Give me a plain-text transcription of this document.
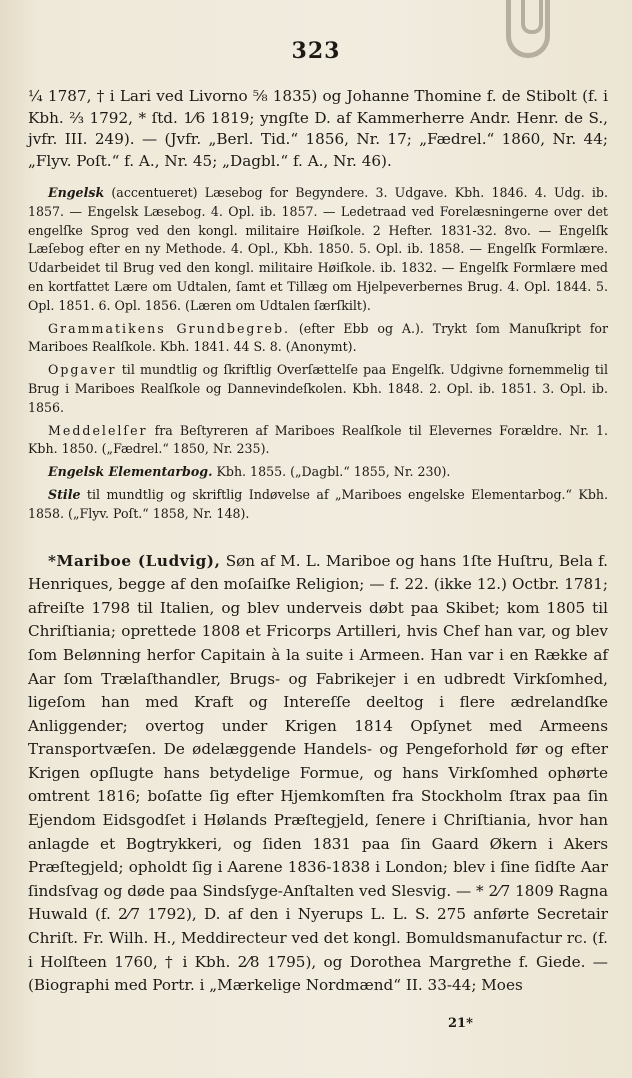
323

¼ 1787, † i Lari ved Livorno ⅝ 1835) og Johanne Thomine f. de Stibolt (f. i Kbh. ⅔ 1792, * ſtd. 1⁄6 1819; yngſte D. af Kammerherre Andr. Henr. de S., jvfr. III. 249). — (Jvfr. „Berl. Tid.“ 1856, Nr. 17; „Fædrel.“ 1860, Nr. 44; „Flyv. Poſt.“ f. A., Nr. 45; „Dagbl.“ f. A., Nr. 46).

Engelsk (accentueret) Læsebog for Begyndere. 3. Udgave. Kbh. 1846. 4. Udg. ib. 1857. — Engelsk Læsebog. 4. Opl. ib. 1857. — Ledetraad ved Forelæsningerne over det engelſke Sprog ved den kongl. militaire Høiſkole. 2 Hefter. 1831-32. 8vo. — Engelſk Læſebog efter en ny Methode. 4. Opl., Kbh. 1850. 5. Opl. ib. 1858. — Engelſk Formlære. Udarbeidet til Brug ved den kongl. militaire Høiſkole. ib. 1832. — Engelſk Formlære med en kortfattet Lære om Udtalen, ſamt et Tillæg om Hjelpeverbernes Brug. 4. Opl. 1844. 5. Opl. 1851. 6. Opl. 1856. (Læren om Udtalen ſærſkilt).

Grammatikens Grundbegreb. (efter Ebb og A.). Trykt ſom Manuſkript for Mariboes Realſkole. Kbh. 1841. 44 S. 8. (Anonymt).

Opgaver til mundtlig og ſkriftlig Overſættelſe paa Engelſk. Udgivne fornemmelig til Brug i Mariboes Realſkole og Dannevindeſkolen. Kbh. 1848. 2. Opl. ib. 1851. 3. Opl. ib. 1856.

Meddelelſer fra Beſtyreren af Mariboes Realſkole til Elevernes Forældre. Nr. 1. Kbh. 1850. („Fædrel.“ 1850, Nr. 235).

Engelsk Elementarbog. Kbh. 1855. („Dagbl.“ 1855, Nr. 230).

Stile til mundtlig og skriftlig Indøvelse af „Mariboes engelske Elementarbog.“ Kbh. 1858. („Flyv. Poſt.“ 1858, Nr. 148).

*Mariboe (Ludvig), Søn af M. L. Mariboe og hans 1ſte Huſtru, Bela f. Henriques, begge af den moſaiſke Religion; — f. 22. (ikke 12.) Octbr. 1781; afreiſte 1798 til Italien, og blev underveis døbt paa Skibet; kom 1805 til Chriſtiania; oprettede 1808 et Fricorps Artilleri, hvis Chef han var, og blev ſom Belønning herfor Capitain à la suite i Armeen. Han var i en Række af Aar ſom Trælaſthandler, Brugs- og Fabrikejer i en udbredt Virkſomhed, ligeſom han med Kraft og Intereſſe deeltog i flere ædrelandſke Anliggender; overtog under Krigen 1814 Opſynet med Armeens Transportvæſen. De ødelæggende Handels- og Pengeforhold før og efter Krigen opſlugte hans betydelige Formue, og hans Virkſomhed ophørte omtrent 1816; boſatte ſig efter Hjemkomſten fra Stockholm ſtrax paa ſin Ejendom Eidsgodſet i Hølands Præſtegjeld, ſenere i Chriſtiania, hvor han anlagde et Bogtrykkeri, og ſiden 1831 paa ſin Gaard Økern i Akers Præſtegjeld; opholdt ſig i Aarene 1836-1838 i London; blev i ſine ſidſte Aar ſindsſvag og døde paa Sindsſyge-Anſtalten ved Slesvig. — * 2⁄7 1809 Ragna Huwald (f. 2⁄7 1792), D. af den i Nyerups L. L. S. 275 anførte Secretair Chriſt. Fr. Wilh. H., Meddirecteur ved det kongl. Bomuldsmanufactur rc. (f. i Holſteen 1760, † i Kbh. 2⁄8 1795), og Dorothea Margrethe f. Giede. — (Biographi med Portr. i „Mærkelige Nordmænd“ II. 33-44; Moes

21*
